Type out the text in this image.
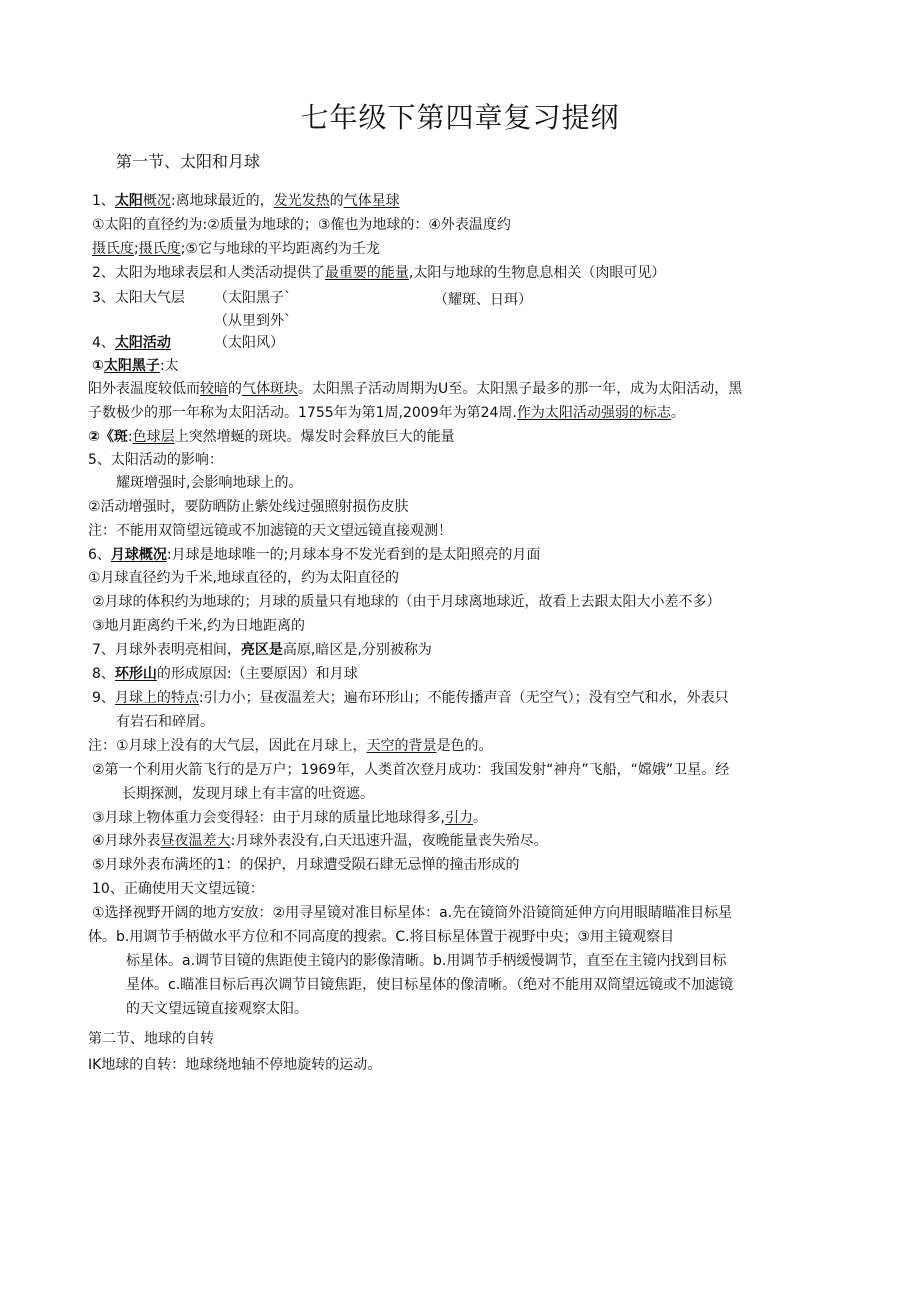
七年级下第四章复习提纲
第一节、太阳和月球
1、太阳概况:离地球最近的，发光发热的气体星球
①太阳的直径约为:②质量为地球的；③傕也为地球的：④外表温度约
摄氏度;摄氏度;⑤它与地球的平均距离约为壬龙
2、太阳为地球表层和人类活动提供了最重要的能量,太阳与地球的生物息息相关（肉眼可见）
3、太阳大气层 （太阳黑子`	（耀斑、日珥）
（从里到外`
4、太阳活动	（太阳风）
①太阳黑子:太
阳外表温度较低而较暗的气体斑块。太阳黑子活动周期为U至。太阳黑子最多的那一年，成为太阳活动，黑
子数极少的那一年称为太阳活动。1755年为第1周,2009年为第24周.作为太阳活动强弱的标志。
②《斑:色球层上突然增蜒的斑块。爆发时会释放巨大的能量
5、太阳活动的影响：
耀斑增强时,会影响地球上的。
②活动增强时，要防晒防止紫处线过强照射损伤皮肤
注：不能用双筒望远镜或不加滤镜的天文望远镜直接观测！
6、月球概况:月球是地球唯一的;月球本身不发光看到的是太阳照亮的月面
①月球直径约为千米,地球直径的，约为太阳直径的
②月球的体积约为地球的；月球的质量只有地球的（由于月球离地球近，故看上去跟太阳大小差不多）
③地月距离约千米,约为日地距离的
7、月球外表明亮相间，亮区是高原,暗区是,分别被称为
8、环形山的形成原因:（主要原因）和月球
9、月球上的特点:引力小；昼夜温差大；遍布环形山；不能传播声音（无空气）；没有空气和水，外表只
有岩石和碎屑。
注：①月球上没有的大气层，因此在月球上，天空的背景是色的。
②第一个利用火箭飞行的是万户；1969年，人类首次登月成功：我国发射“神舟”飞船，“嫦娥”卫星。经
长期探测，发现月球上有丰富的吐资遮。
③月球上物体重力会变得轻：由于月球的质量比地球得多,引力。
④月球外表昼夜温差大:月球外表没有,白天迅速升温，夜晚能量丧失殆尽。
⑤月球外表布满坯的1：的保护，月球遭受陨石肆无忌惮的撞击形成的
10、正确使用天文望远镜：
①选择视野开阔的地方安放：②用寻星镜对准目标星体：a.先在镜筒外沿镜筒延伸方向用眼睛瞄准目标星
体。b.用调节手柄做水平方位和不同高度的搜索。C.将目标星体置于视野中央；③用主镜观察目
标星体。a.调节目镜的焦距使主镜内的影像清晰。b.用调节手柄缓慢调节，直至在主镜内找到目标
星体。c.瞄准目标后再次调节目镜焦距，使目标星体的像清晰。（绝对不能用双筒望远镜或不加滤镜
的天文望远镜直接观察太阳。
第二节、地球的自转
IK地球的自转：地球绕地轴不停地旋转的运动。
